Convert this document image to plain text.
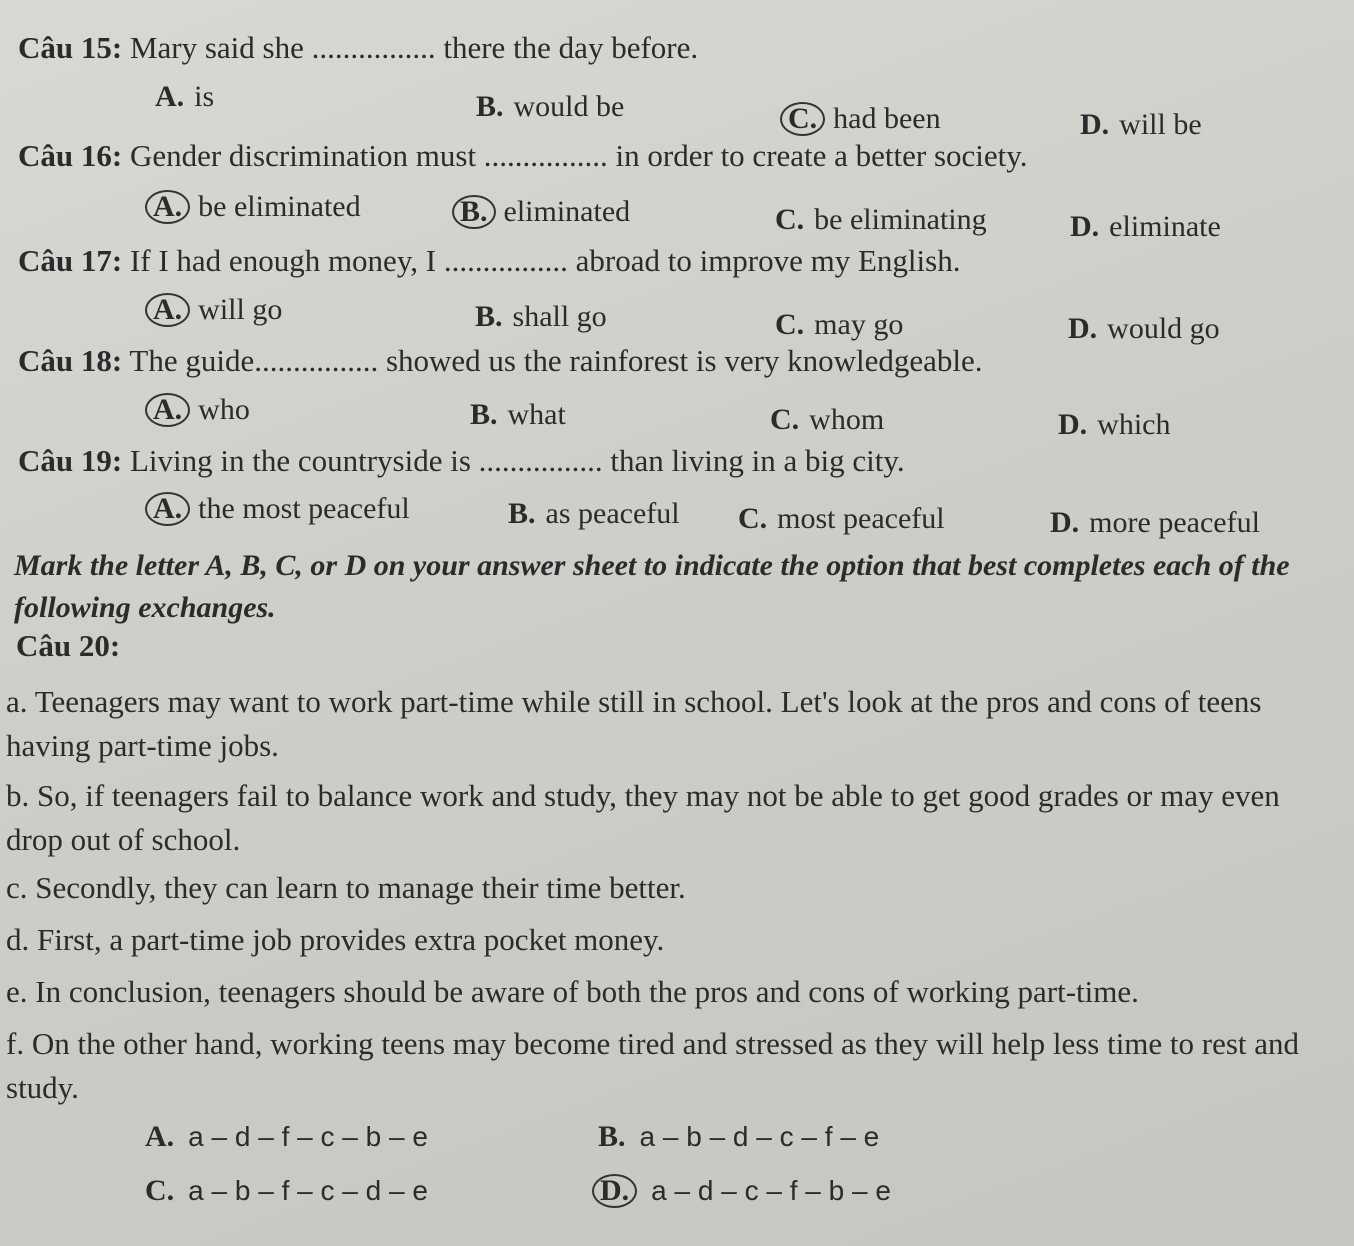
Câu 15: Mary said she ................ there the day before.
A. is	B. would be	C. had been	D. will be
Câu 16: Gender discrimination must ................ in order to create a better society.
A. be eliminated	B. eliminated	C. be eliminating	D. eliminate
Câu 17: If I had enough money, I ................ abroad to improve my English.
A. will go	B. shall go	C. may go	D. would go
Câu 18: The guide................ showed us the rainforest is very knowledgeable.
A. who	B. what	C. whom	D. which
Câu 19: Living in the countryside is ................ than living in a big city.
A. the most peaceful	B. as peaceful C. most peaceful	D. more peaceful
Mark the letter A, B, C, or D on your answer sheet to indicate the option that best completes each of the following exchanges.
Câu 20:
a. Teenagers may want to work part-time while still in school. Let's look at the pros and cons of teens having part-time jobs.
b. So, if teenagers fail to balance work and study, they may not be able to get good grades or may even drop out of school.
c. Secondly, they can learn to manage their time better.
d. First, a part-time job provides extra pocket money.
e. In conclusion, teenagers should be aware of both the pros and cons of working part-time.
f. On the other hand, working teens may become tired and stressed as they will help less time to rest and study.
A. a – d – f – c – b – e	B. a – b – d – c – f – e
C. a – b – f – c – d – e	D. a – d – c – f – b – e
